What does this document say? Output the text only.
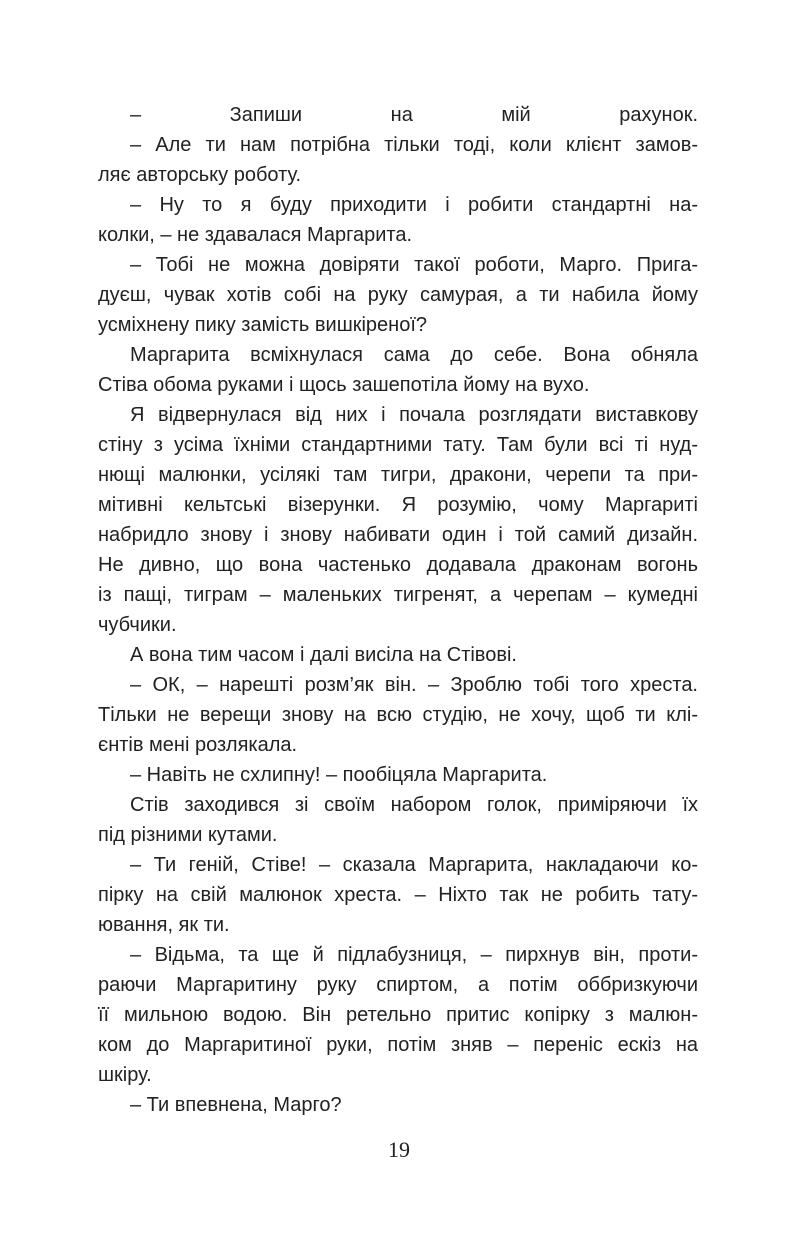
– Запиши на мій рахунок.
– Але ти нам потрібна тільки тоді, коли клієнт замов-
ляє авторську роботу.
– Ну то я буду приходити і робити стандартні на-
колки, – не здавалася Маргарита.
– Тобі не можна довіряти такої роботи, Марго. Прига-
дуєш, чувак хотів собі на руку самурая, а ти набила йому
усміхнену пику замість вишкіреної?
Маргарита всміхнулася сама до себе. Вона обняла
Стіва обома руками і щось зашепотіла йому на вухо.
Я відвернулася від них і почала розглядати виставкову
стіну з усіма їхніми стандартними тату. Там були всі ті нуд-
нющі малюнки, усілякі там тигри, дракони, черепи та при-
мітивні кельтські візерунки. Я розумію, чому Маргариті
набридло знову і знову набивати один і той самий дизайн.
Не дивно, що вона частенько додавала драконам вогонь
із пащі, тиграм – маленьких тигренят, а черепам – кумедні
чубчики.
А вона тим часом і далі висіла на Стівові.
– ОК, – нарешті розм’як він. – Зроблю тобі того хреста.
Тільки не верещи знову на всю студію, не хочу, щоб ти клі-
єнтів мені розлякала.
– Навіть не схлипну! – пообіцяла Маргарита.
Стів заходився зі своїм набором голок, приміряючи їх
під різними кутами.
– Ти геній, Стіве! – сказала Маргарита, накладаючи ко-
пірку на свій малюнок хреста. – Ніхто так не робить тату-
ювання, як ти.
– Відьма, та ще й підлабузниця, – пирхнув він, проти-
раючи Маргаритину руку спиртом, а потім оббризкуючи
її мильною водою. Він ретельно притис копірку з малюн-
ком до Маргаритиної руки, потім зняв – переніс ескіз на
шкіру.
– Ти впевнена, Марго?
19
